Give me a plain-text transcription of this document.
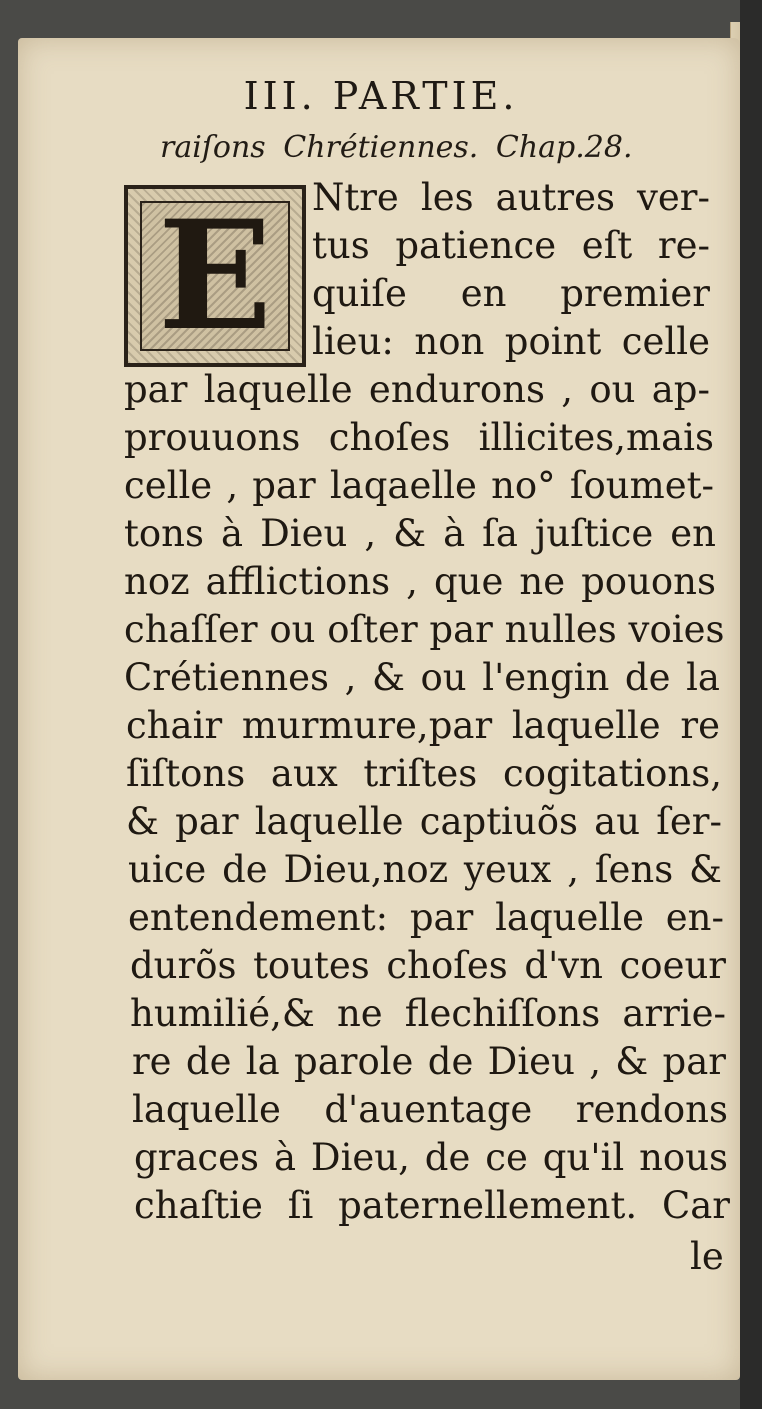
III. PARTIE.
raiſons Chrétiennes. Chap.28.
E Ntre les autres ver-
tus patience eſt re-
quiſe en premier
lieu: non point celle
par laquelle endurons , ou ap-
prouuons choſes illicites,mais
celle , par laqaelle no° ſoumet-
tons à Dieu , & à ſa juſtice en
noz afflictions , que ne pouons
chaſſer ou oſter par nulles voies
Crétiennes , & ou l'engin de la
chair murmure,par laquelle re
ſiſtons aux triſtes cogitations,
& par laquelle captiuõs au ſer-
uice de Dieu,noz yeux , ſens &
entendement: par laquelle en-
durõs toutes choſes d'vn coeur
humilié,& ne flechiſſons arrie-
re de la parole de Dieu , & par
laquelle d'auentage rendons
graces à Dieu, de ce qu'il nous
chaſtie ſi paternellement. Car
le
